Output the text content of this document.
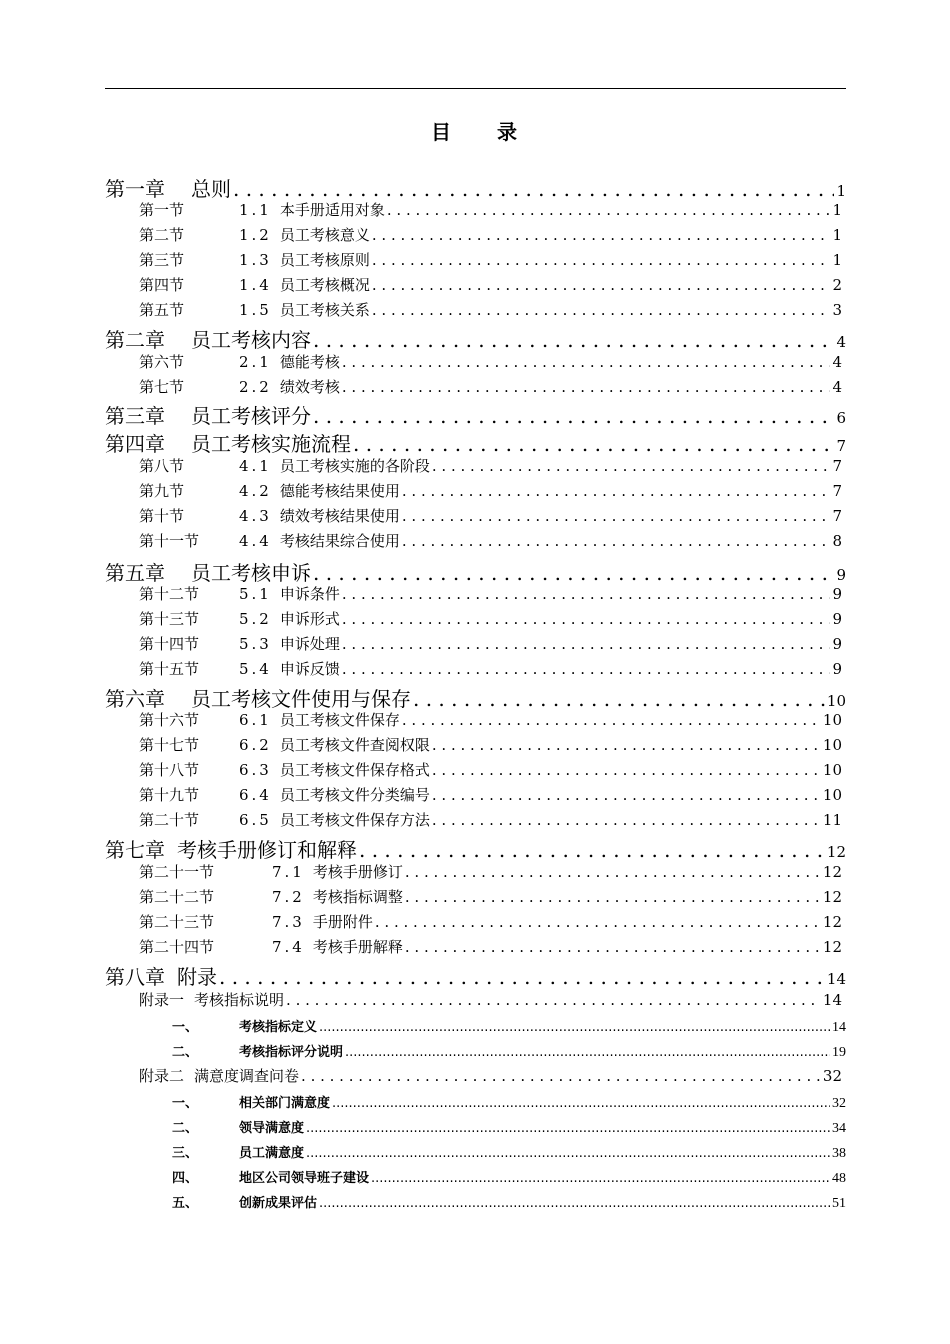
目　　录
第一章 总则 . . .	1
第一节	1.1 本手册适用对象 . . .	1
第二节	1.2 员工考核意义 . . .	1
第三节	1.3 员工考核原则 . . .	1
第四节	1.4 员工考核概况 . . .	2
第五节	1.5 员工考核关系 . . .	3
第二章 员工考核内容 . . .	4
第六节	2.1 德能考核 . . .	4
第七节	2.2 绩效考核 . . .	4
第三章 员工考核评分 . . .	6
第四章 员工考核实施流程 . . .	7
第八节	4.1 员工考核实施的各阶段 . . .	7
第九节	4.2 德能考核结果使用 . . .	7
第十节	4.3 绩效考核结果使用 . . .	7
第十一节	4.4 考核结果综合使用 . . .	8
第五章 员工考核申诉 . . .	9
第十二节	5.1 申诉条件 . . .	9
第十三节	5.2 申诉形式 . . .	9
第十四节	5.3 申诉处理 . . .	9
第十五节	5.4 申诉反馈 . . .	9
第六章 员工考核文件使用与保存 . . .	10
第十六节	6.1 员工考核文件保存 . . .	10
第十七节	6.2 员工考核文件查阅权限 . . .	10
第十八节	6.3 员工考核文件保存格式 . . .	10
第十九节	6.4 员工考核文件分类编号 . . .	10
第二十节	6.5 员工考核文件保存方法 . . .	11
第七章 考核手册修订和解释 . . .	12
第二十一节	7.1 考核手册修订 . . .	12
第二十二节	7.2 考核指标调整 . . .	12
第二十三节	7.3 手册附件 . . .	12
第二十四节	7.4 考核手册解释 . . .	12
第八章 附录 . . .	14
附录一 考核指标说明 . . .	14
一、	考核指标定义 .....	14
二、	考核指标评分说明 .....	19
附录二 满意度调查问卷 . . .	32
一、	相关部门满意度 .....	32
二、	领导满意度 .....	34
三、	员工满意度 .....	38
四、	地区公司领导班子建设 .....	48
五、	创新成果评估 .....	51
